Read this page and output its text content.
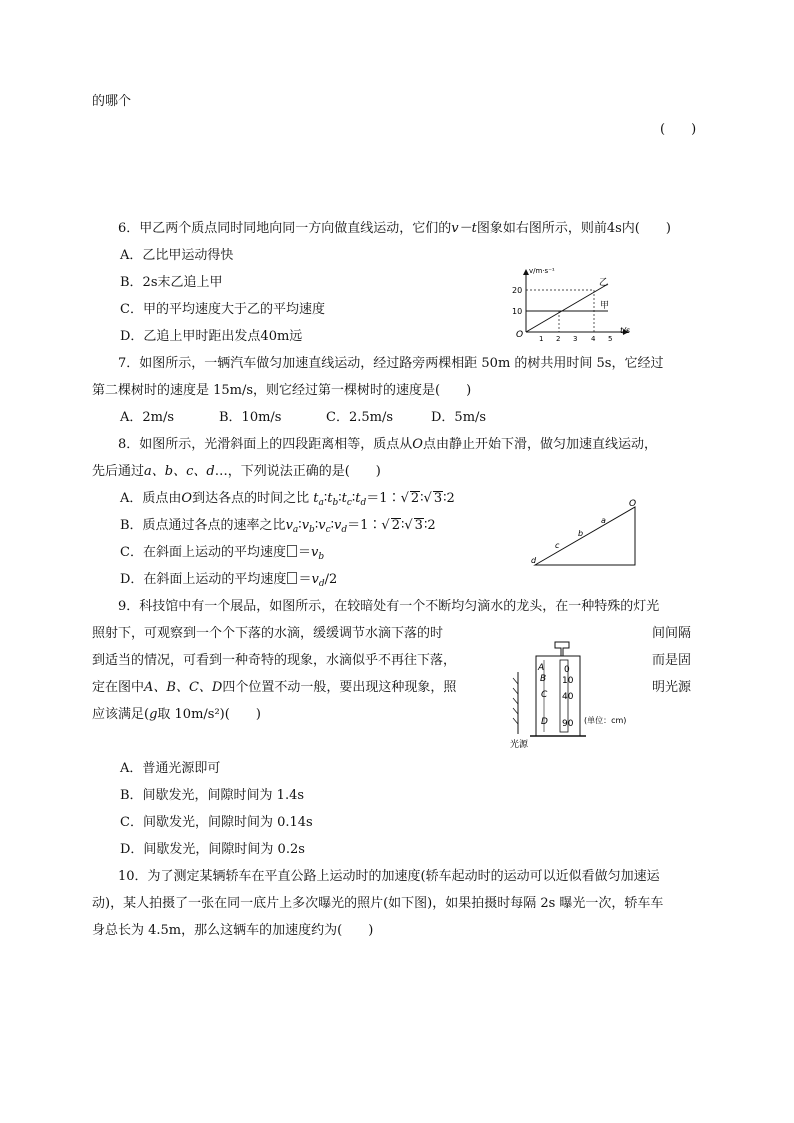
的哪个
(　　)
6．甲乙两个质点同时同地向同一方向做直线运动，它们的v－t图象如右图所示，则前4s内(　　)
A．乙比甲运动得快
B．2s末乙追上甲
C．甲的平均速度大于乙的平均速度
D．乙追上甲时距出发点40m远
v/m·s⁻¹
t/s
O
20
10
乙
甲
1 2 3 4 5
7．如图所示，一辆汽车做匀加速直线运动，经过路旁两棵相距 50m 的树共用时间 5s，它经过
第二棵树时的速度是 15m/s，则它经过第一棵树时的速度是(　　)
A．2m/s	B．10m/s	C．2.5m/s	D．5m/s
8．如图所示，光滑斜面上的四段距离相等，质点从O点由静止开始下滑，做匀加速直线运动，
先后通过a、b、c、d…，下列说法正确的是(　　)
A．质点由O到达各点的时间之比 $t_a∶t_b∶t_c∶t_d=1∶√$ 2∶√ 3∶2
B．质点通过各点的速率之比$v_a∶v_b∶v_c∶v_d=1∶√$ 2∶√ 3∶2
C．在斜面上运动的平均速度 $=v_b$
D．在斜面上运动的平均速度 $=v_d/2$
O
a
b
c
d
9．科技馆中有一个展品，如图所示，在较暗处有一个不断均匀滴水的龙头，在一种特殊的灯光
照射下，可观察到一个个下落的水滴，缓缓调节水滴下落的时	间间隔
到适当的情况，可看到一种奇特的现象，水滴似乎不再往下落，	而是固
定在图中A、B、C、D四个位置不动一般，要出现这种现象，照	明光源
应该满足(g取 10m/s²)(　　)
A
B
C
D
0
10
40
90 (单位：cm)
光源
A．普通光源即可
B．间歇发光，间隙时间为 1.4s
C．间歇发光，间隙时间为 0.14s
D．间歇发光，间隙时间为 0.2s
10．为了测定某辆轿车在平直公路上运动时的加速度(轿车起动时的运动可以近似看做匀加速运
动)，某人拍摄了一张在同一底片上多次曝光的照片(如下图)，如果拍摄时每隔 2s 曝光一次，轿车车
身总长为 4.5m，那么这辆车的加速度约为(　　)
